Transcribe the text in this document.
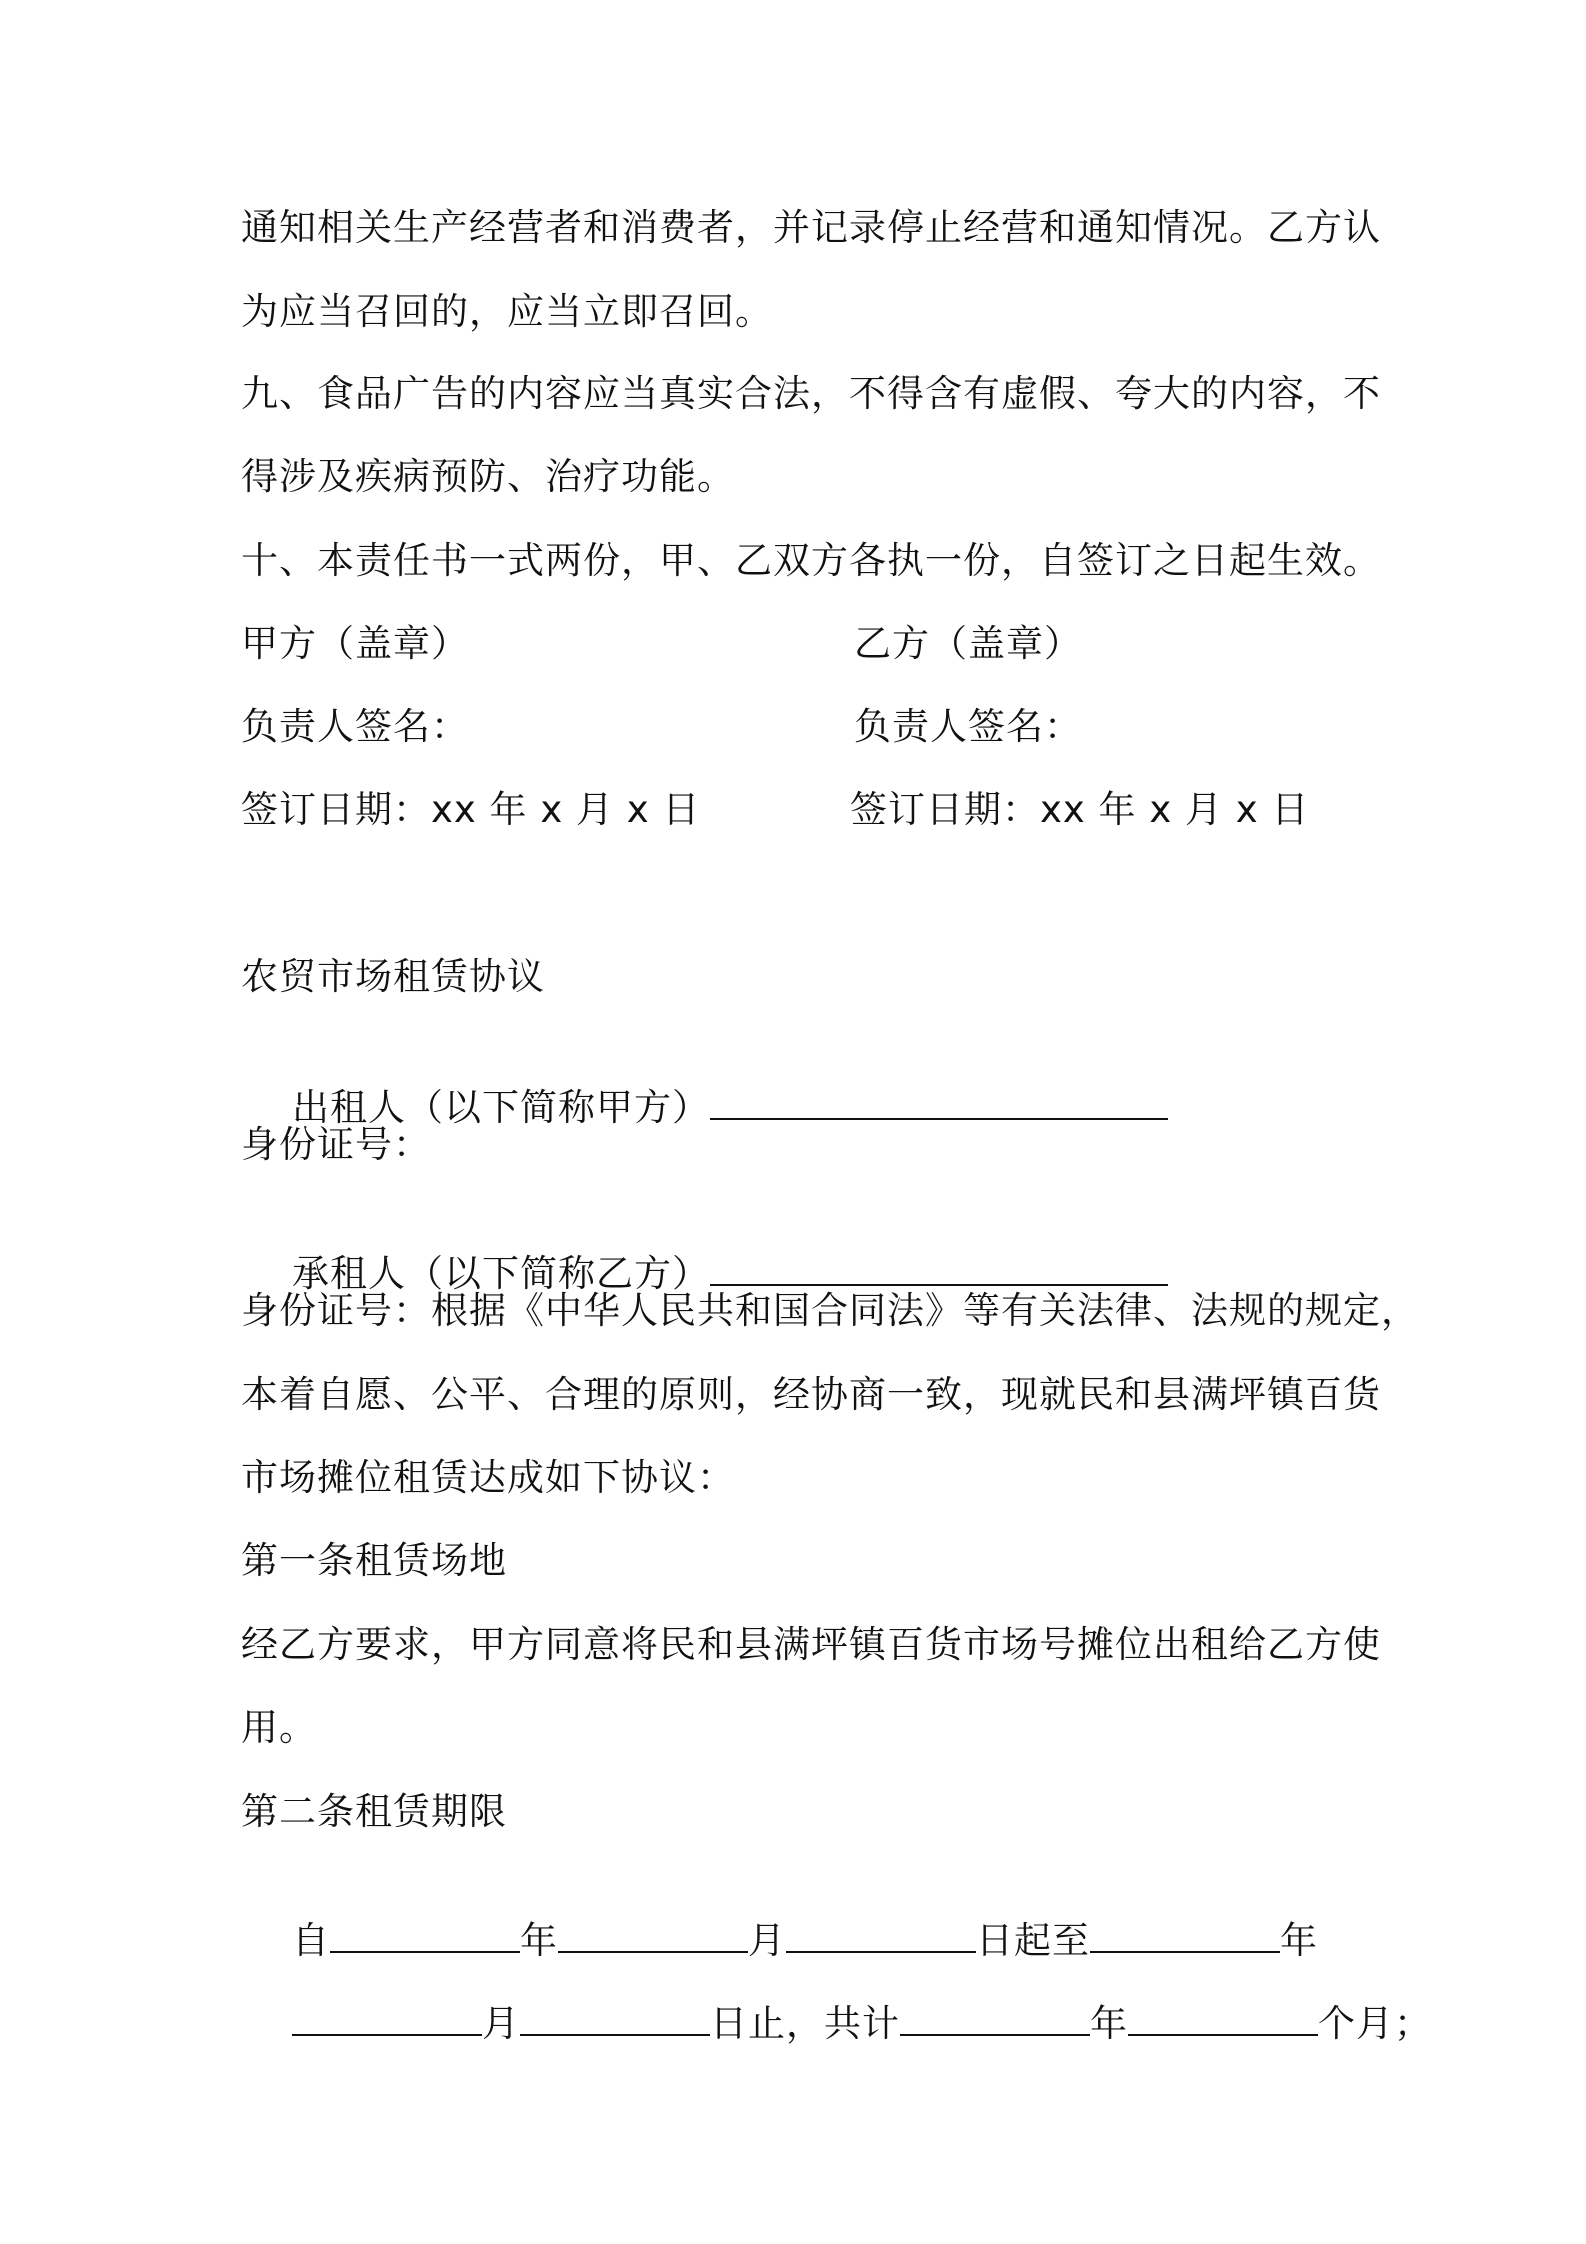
通知相关生产经营者和消费者，并记录停止经营和通知情况。乙方认
为应当召回的，应当立即召回。
九、食品广告的内容应当真实合法，不得含有虚假、夸大的内容，不
得涉及疾病预防、治疗功能。
十、本责任书一式两份，甲、乙双方各执一份，自签订之日起生效。
甲方（盖章）	乙方（盖章）
负责人签名：	负责人签名：
签订日期：xx 年 x 月 x 日	签订日期：xx 年 x 月 x 日
农贸市场租赁协议

出租人（以下简称甲方）

身份证号：

承租人（以下简称乙方）

身份证号：根据《中华人民共和国合同法》等有关法律、法规的规定，
本着自愿、公平、合理的原则，经协商一致，现就民和县满坪镇百货
市场摊位租赁达成如下协议：
第一条租赁场地
经乙方要求，甲方同意将民和县满坪镇百货市场号摊位出租给乙方使
用。
第二条租赁期限

自	年	月	日起至	年

月	日止，共计	年	个月；
